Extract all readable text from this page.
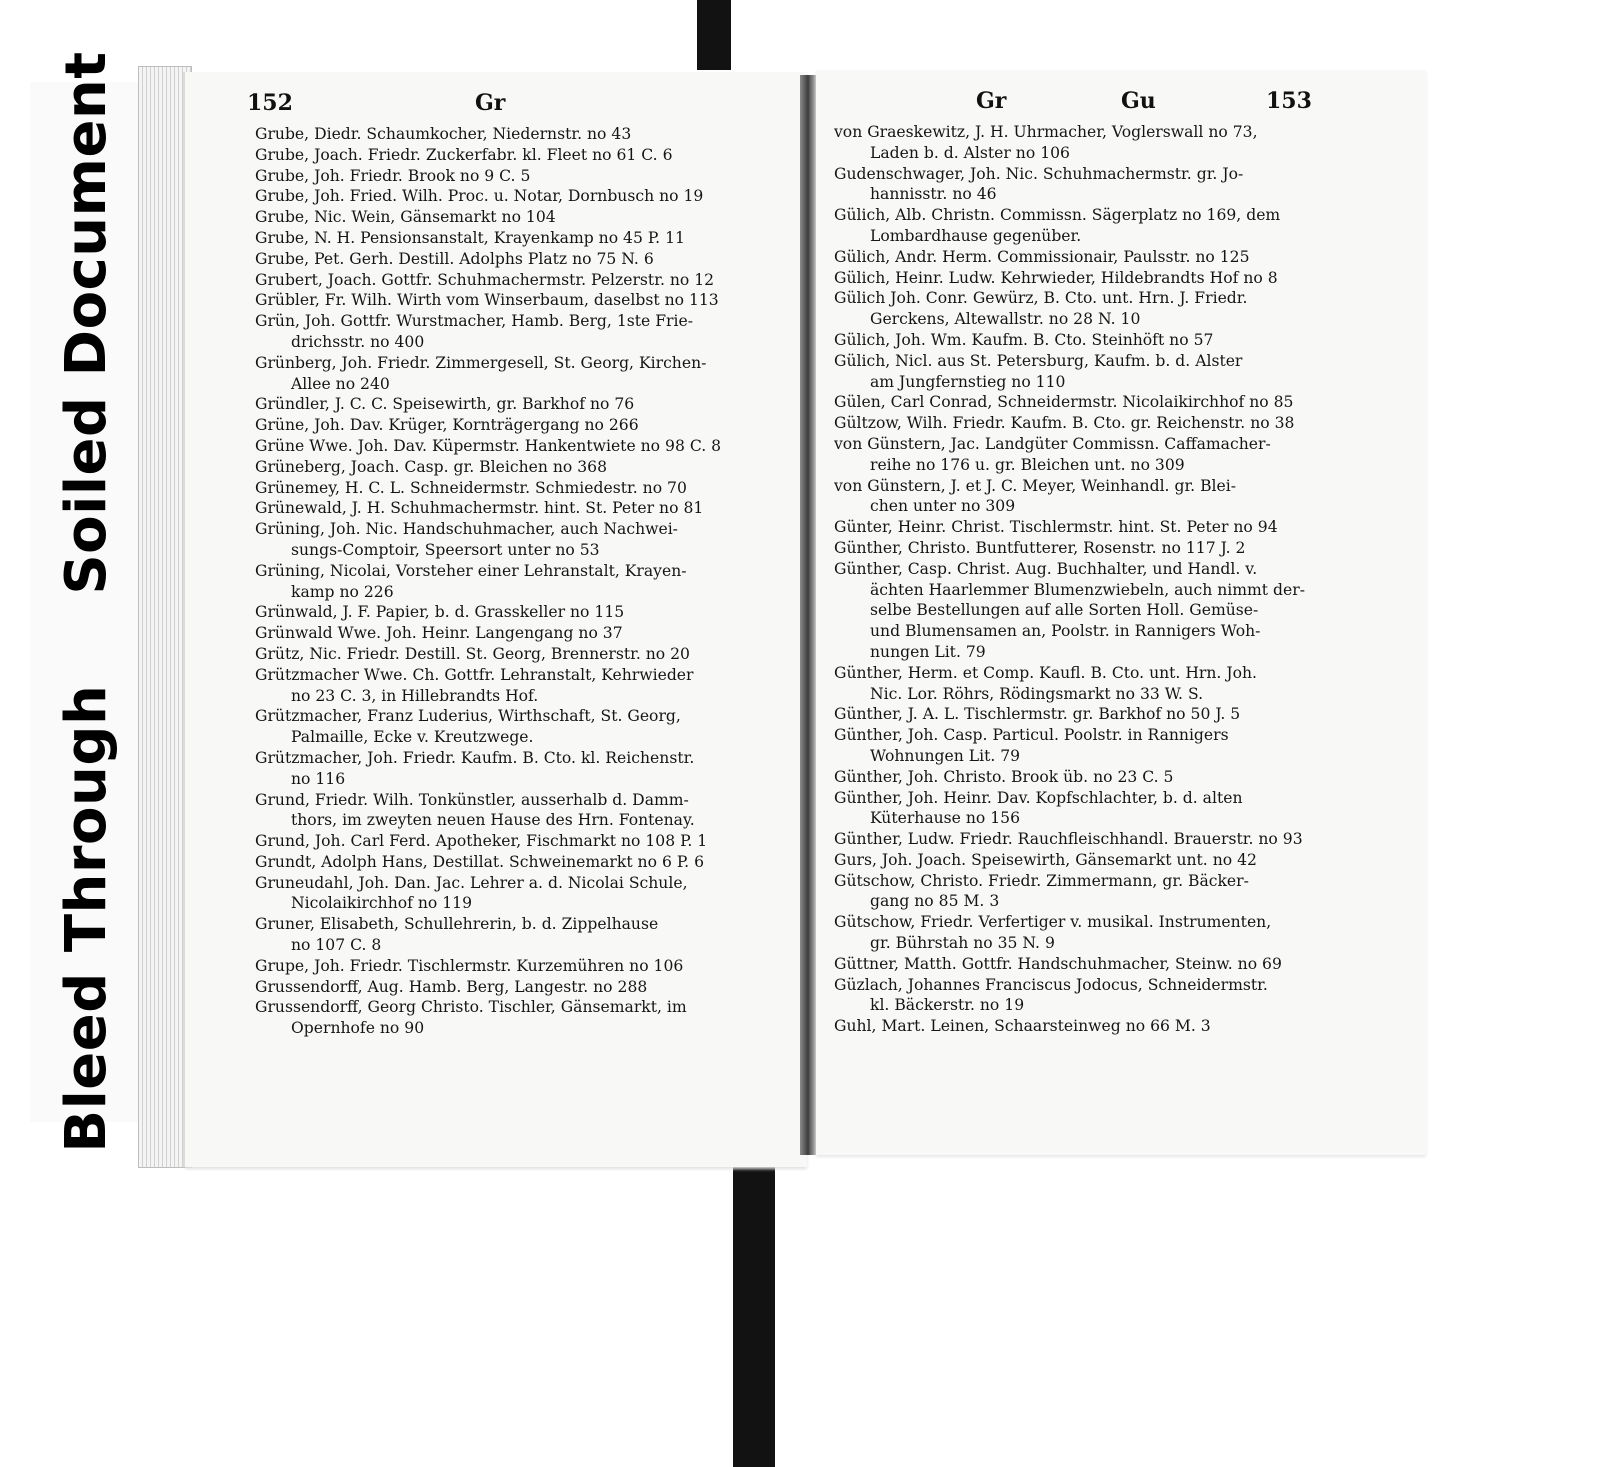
Bleed Through
Soiled Document	152	Gr
Grube, Diedr. Schaumkocher, Niedernstr. no 43
Grube, Joach. Friedr. Zuckerfabr. kl. Fleet no 61 C. 6
Grube, Joh. Friedr. Brook no 9 C. 5
Grube, Joh. Fried. Wilh. Proc. u. Notar, Dornbusch no 19
Grube, Nic. Wein, Gänsemarkt no 104
Grube, N. H. Pensionsanstalt, Krayenkamp no 45 P. 11
Grube, Pet. Gerh. Destill. Adolphs Platz no 75 N. 6
Grubert, Joach. Gottfr. Schuhmachermstr. Pelzerstr. no 12
Grübler, Fr. Wilh. Wirth vom Winserbaum, daselbst no 113
Grün, Joh. Gottfr. Wurstmacher, Hamb. Berg, 1ste Frie-
drichsstr. no 400
Grünberg, Joh. Friedr. Zimmergesell, St. Georg, Kirchen-
Allee no 240
Gründler, J. C. C. Speisewirth, gr. Barkhof no 76
Grüne, Joh. Dav. Krüger, Kornträgergang no 266
Grüne Wwe. Joh. Dav. Küpermstr. Hankentwiete no 98 C. 8
Grüneberg, Joach. Casp. gr. Bleichen no 368
Grünemey, H. C. L. Schneidermstr. Schmiedestr. no 70
Grünewald, J. H. Schuhmachermstr. hint. St. Peter no 81
Grüning, Joh. Nic. Handschuhmacher, auch Nachwei-
sungs-Comptoir, Speersort unter no 53
Grüning, Nicolai, Vorsteher einer Lehranstalt, Krayen-
kamp no 226
Grünwald, J. F. Papier, b. d. Grasskeller no 115
Grünwald Wwe. Joh. Heinr. Langengang no 37
Grütz, Nic. Friedr. Destill. St. Georg, Brennerstr. no 20
Grützmacher Wwe. Ch. Gottfr. Lehranstalt, Kehrwieder
no 23 C. 3, in Hillebrandts Hof.
Grützmacher, Franz Luderius, Wirthschaft, St. Georg,
Palmaille, Ecke v. Kreutzwege.
Grützmacher, Joh. Friedr. Kaufm. B. Cto. kl. Reichenstr.
no 116
Grund, Friedr. Wilh. Tonkünstler, ausserhalb d. Damm-
thors, im zweyten neuen Hause des Hrn. Fontenay.
Grund, Joh. Carl Ferd. Apotheker, Fischmarkt no 108 P. 1
Grundt, Adolph Hans, Destillat. Schweinemarkt no 6 P. 6
Gruneudahl, Joh. Dan. Jac. Lehrer a. d. Nicolai Schule,
Nicolaikirchhof no 119
Gruner, Elisabeth, Schullehrerin, b. d. Zippelhause
no 107 C. 8
Grupe, Joh. Friedr. Tischlermstr. Kurzemühren no 106
Grussendorff, Aug. Hamb. Berg, Langestr. no 288
Grussendorff, Georg Christo. Tischler, Gänsemarkt, im
Opernhofe no 90
Gr	Gu	153
von Graeskewitz, J. H. Uhrmacher, Voglerswall no 73,
Laden b. d. Alster no 106
Gudenschwager, Joh. Nic. Schuhmachermstr. gr. Jo-
hannisstr. no 46
Gülich, Alb. Christn. Commissn. Sägerplatz no 169, dem
Lombardhause gegenüber.
Gülich, Andr. Herm. Commissionair, Paulsstr. no 125
Gülich, Heinr. Ludw. Kehrwieder, Hildebrandts Hof no 8
Gülich Joh. Conr. Gewürz, B. Cto. unt. Hrn. J. Friedr.
Gerckens, Altewallstr. no 28 N. 10
Gülich, Joh. Wm. Kaufm. B. Cto. Steinhöft no 57
Gülich, Nicl. aus St. Petersburg, Kaufm. b. d. Alster
am Jungfernstieg no 110
Gülen, Carl Conrad, Schneidermstr. Nicolaikirchhof no 85
Gültzow, Wilh. Friedr. Kaufm. B. Cto. gr. Reichenstr. no 38
von Günstern, Jac. Landgüter Commissn. Caffamacher-
reihe no 176 u. gr. Bleichen unt. no 309
von Günstern, J. et J. C. Meyer, Weinhandl. gr. Blei-
chen unter no 309
Günter, Heinr. Christ. Tischlermstr. hint. St. Peter no 94
Günther, Christo. Buntfutterer, Rosenstr. no 117 J. 2
Günther, Casp. Christ. Aug. Buchhalter, und Handl. v.
ächten Haarlemmer Blumenzwiebeln, auch nimmt der-
selbe Bestellungen auf alle Sorten Holl. Gemüse-
und Blumensamen an, Poolstr. in Rannigers Woh-
nungen Lit. 79
Günther, Herm. et Comp. Kaufl. B. Cto. unt. Hrn. Joh.
Nic. Lor. Röhrs, Rödingsmarkt no 33 W. S.
Günther, J. A. L. Tischlermstr. gr. Barkhof no 50 J. 5
Günther, Joh. Casp. Particul. Poolstr. in Rannigers
Wohnungen Lit. 79
Günther, Joh. Christo. Brook üb. no 23 C. 5
Günther, Joh. Heinr. Dav. Kopfschlachter, b. d. alten
Küterhause no 156
Günther, Ludw. Friedr. Rauchfleischhandl. Brauerstr. no 93
Gurs, Joh. Joach. Speisewirth, Gänsemarkt unt. no 42
Gütschow, Christo. Friedr. Zimmermann, gr. Bäcker-
gang no 85 M. 3
Gütschow, Friedr. Verfertiger v. musikal. Instrumenten,
gr. Bührstah no 35 N. 9
Güttner, Matth. Gottfr. Handschuhmacher, Steinw. no 69
Güzlach, Johannes Franciscus Jodocus, Schneidermstr.
kl. Bäckerstr. no 19
Guhl, Mart. Leinen, Schaarsteinweg no 66 M. 3
